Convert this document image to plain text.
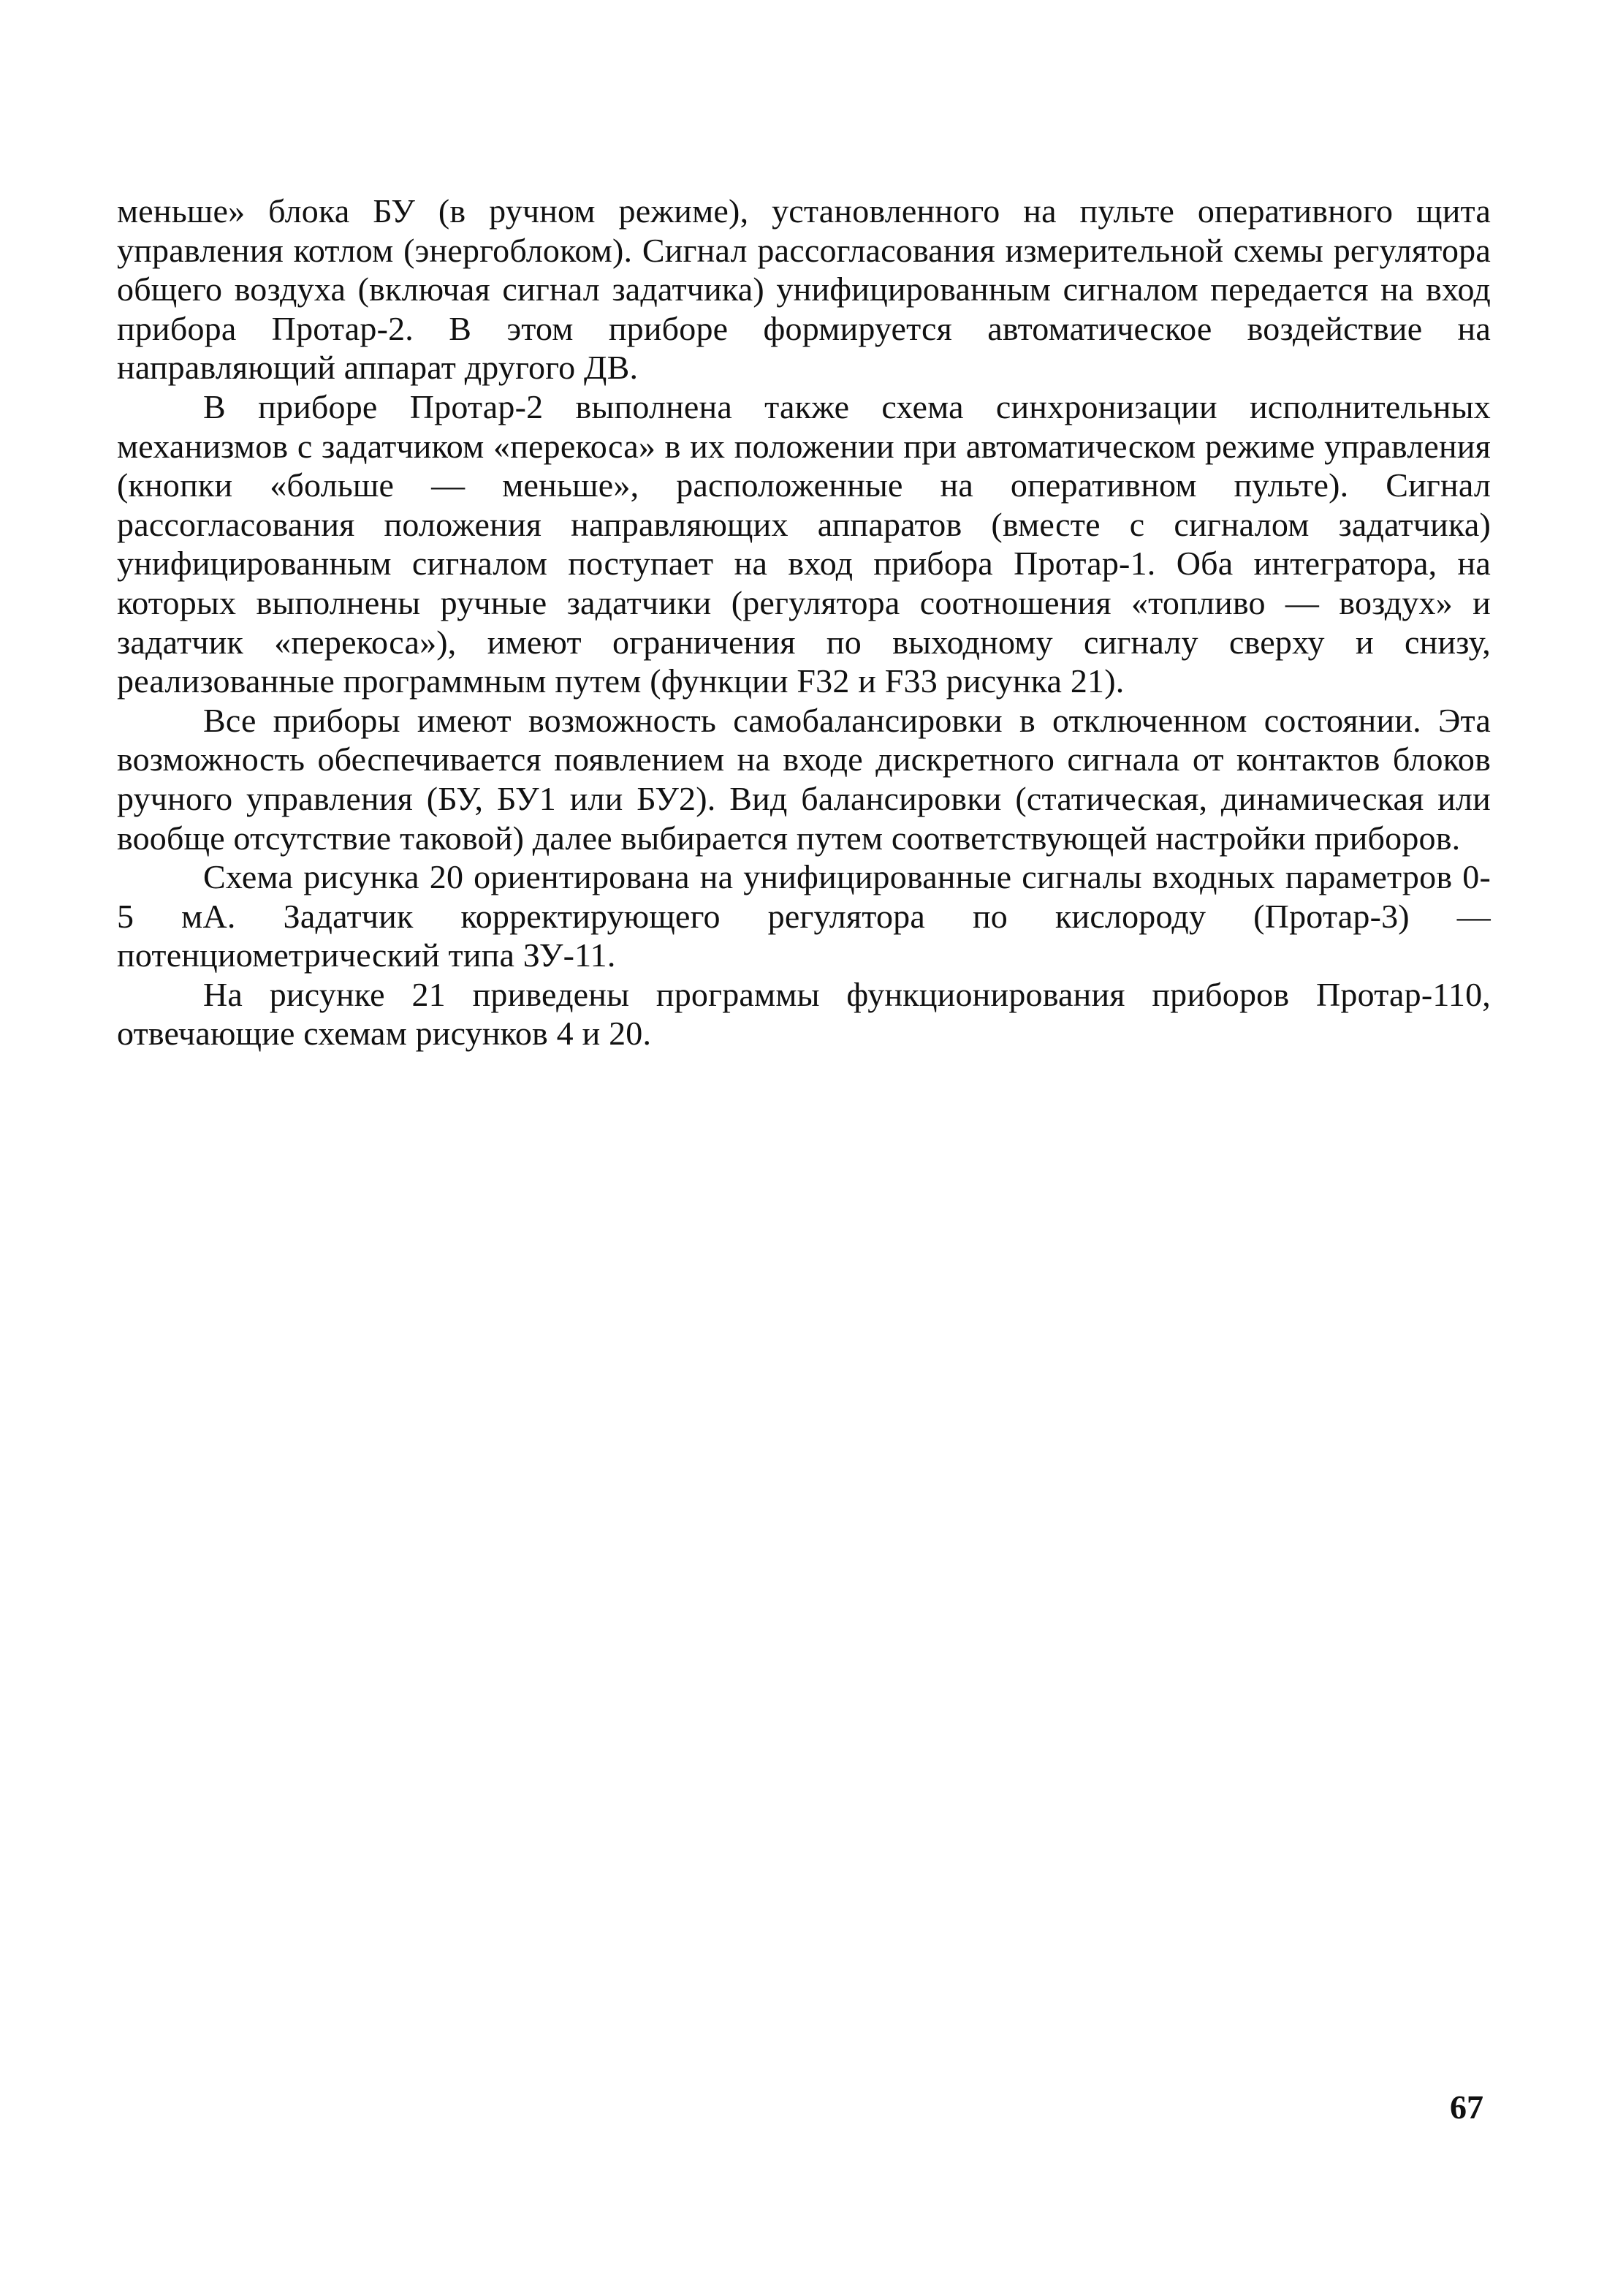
меньше» блока БУ (в ручном режиме), установленного на пульте оперативного щита управления котлом (энергоблоком). Сигнал рассогласования измерительной схемы регулятора общего воздуха (включая сигнал задатчика) унифицированным сигналом передается на вход прибора Протар-2. В этом приборе формируется автоматическое воздействие на направляющий аппарат другого ДВ.

В приборе Протар-2 выполнена также схема синхронизации исполнительных механизмов с задатчиком «перекоса» в их положении при автоматическом режиме управления (кнопки «больше — меньше», расположенные на оперативном пульте). Сигнал рассогласования положения направляющих аппаратов (вместе с сигналом задатчика) унифицированным сигналом поступает на вход прибора Протар-1. Оба интегратора, на которых выполнены ручные задатчики (регулятора соотношения «топливо — воздух» и задатчик «перекоса»), имеют ограничения по выходному сигналу сверху и снизу, реализованные программным путем (функции F32 и F33 рисунка 21).

Все приборы имеют возможность самобалансировки в отключенном состоянии. Эта возможность обеспечивается появлением на входе дискретного сигнала от контактов блоков ручного управления (БУ, БУ1 или БУ2). Вид балансировки (статическая, динамическая или вообще отсутствие таковой) далее выбирается путем соответствующей настройки приборов.

Схема рисунка 20 ориентирована на унифицированные сигналы входных параметров 0-5 мА. Задатчик корректирующего регулятора по кислороду (Протар-3) — потенциометрический типа ЗУ-11.

На рисунке 21 приведены программы функционирования приборов Протар-110, отвечающие схемам рисунков 4 и 20.

67
